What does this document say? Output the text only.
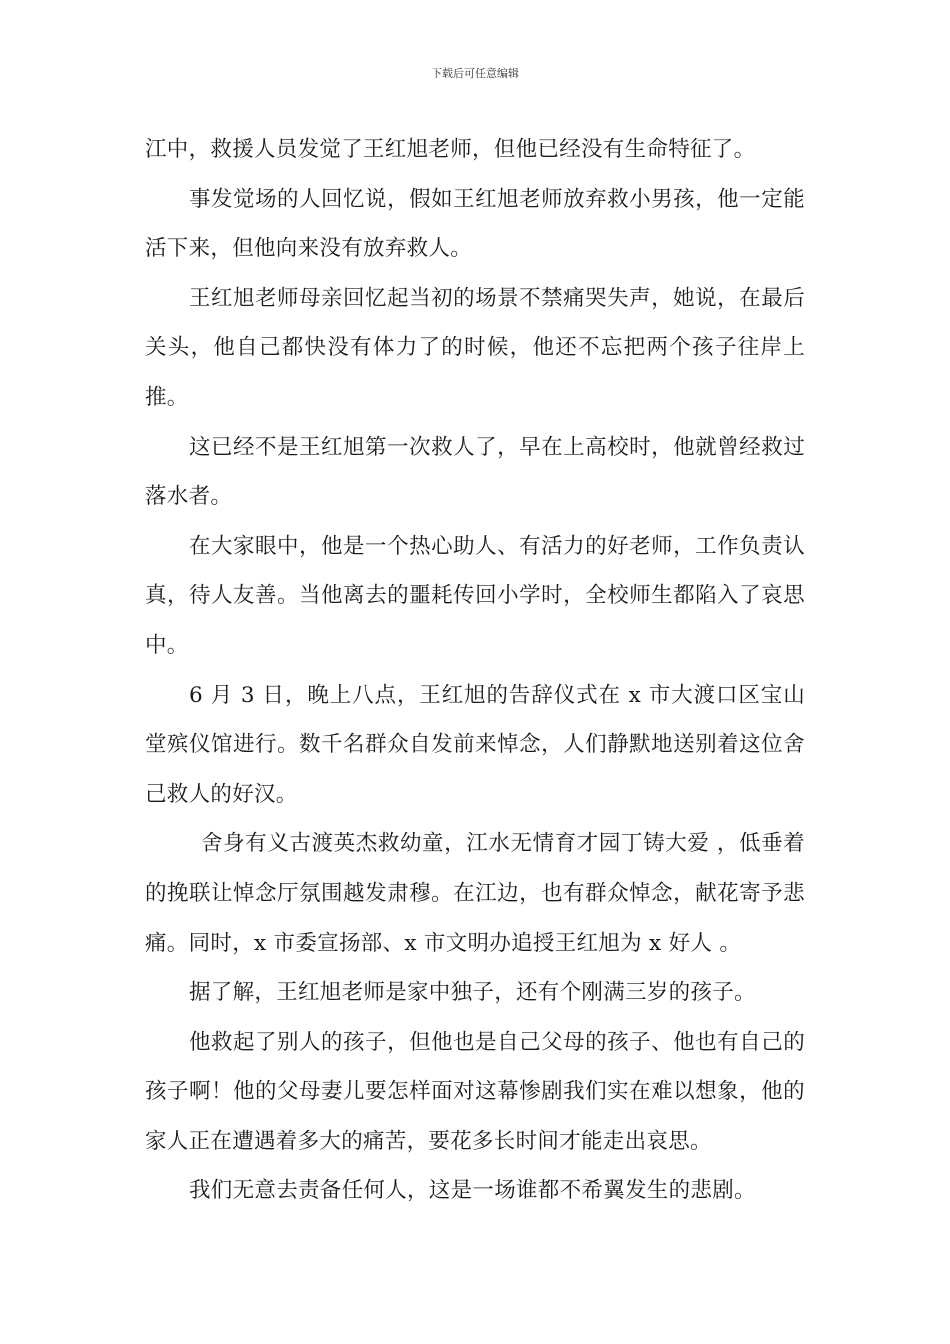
下载后可任意编辑

江中，救援人员发觉了王红旭老师，但他已经没有生命特征了。

事发觉场的人回忆说，假如王红旭老师放弃救小男孩，他一定能活下来，但他向来没有放弃救人。

王红旭老师母亲回忆起当初的场景不禁痛哭失声，她说，在最后关头，他自己都快没有体力了的时候，他还不忘把两个孩子往岸上推。

这已经不是王红旭第一次救人了，早在上高校时，他就曾经救过落水者。

在大家眼中，他是一个热心助人、有活力的好老师，工作负责认真，待人友善。当他离去的噩耗传回小学时，全校师生都陷入了哀思中。

6 月 3 日，晚上八点，王红旭的告辞仪式在 x 市大渡口区宝山堂殡仪馆进行。数千名群众自发前来悼念，人们静默地送别着这位舍己救人的好汉。

舍身有义古渡英杰救幼童，江水无情育才园丁铸大爱 ，低垂着的挽联让悼念厅氛围越发肃穆。在江边，也有群众悼念，献花寄予悲痛。同时，x 市委宣扬部、x 市文明办追授王红旭为 x 好人 。

据了解，王红旭老师是家中独子，还有个刚满三岁的孩子。

他救起了别人的孩子，但他也是自己父母的孩子、他也有自己的孩子啊！他的父母妻儿要怎样面对这幕惨剧我们实在难以想象，他的家人正在遭遇着多大的痛苦，要花多长时间才能走出哀思。

我们无意去责备任何人，这是一场谁都不希翼发生的悲剧。
